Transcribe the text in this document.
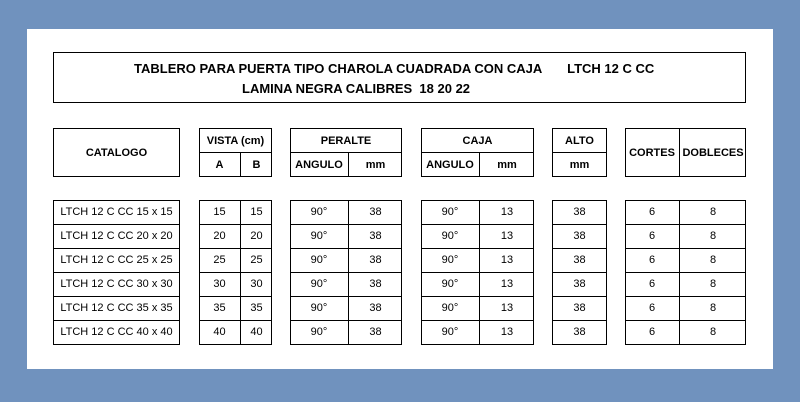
TABLERO PARA PUERTA TIPO CHAROLA CUADRADA CON CAJA       LTCH 12 C CC
LAMINA NEGRA CALIBRES  18 20 22
CATALOGO
VISTA (cm)
A	B
PERALTE
ANGULO	mm
CAJA
ANGULO	mm
ALTO
mm
CORTES DOBLECES
LTCH 12 C CC 15 x 15	15	15	90°	38	90°	13	38	6	8
LTCH 12 C CC 20 x 20	20	20	90°	38	90°	13	38	6	8
LTCH 12 C CC 25 x 25	25	25	90°	38	90°	13	38	6	8
LTCH 12 C CC 30 x 30	30	30	90°	38	90°	13	38	6	8
LTCH 12 C CC 35 x 35	35	35	90°	38	90°	13	38	6	8
LTCH 12 C CC 40 x 40	40	40	90°	38	90°	13	38	6	8
